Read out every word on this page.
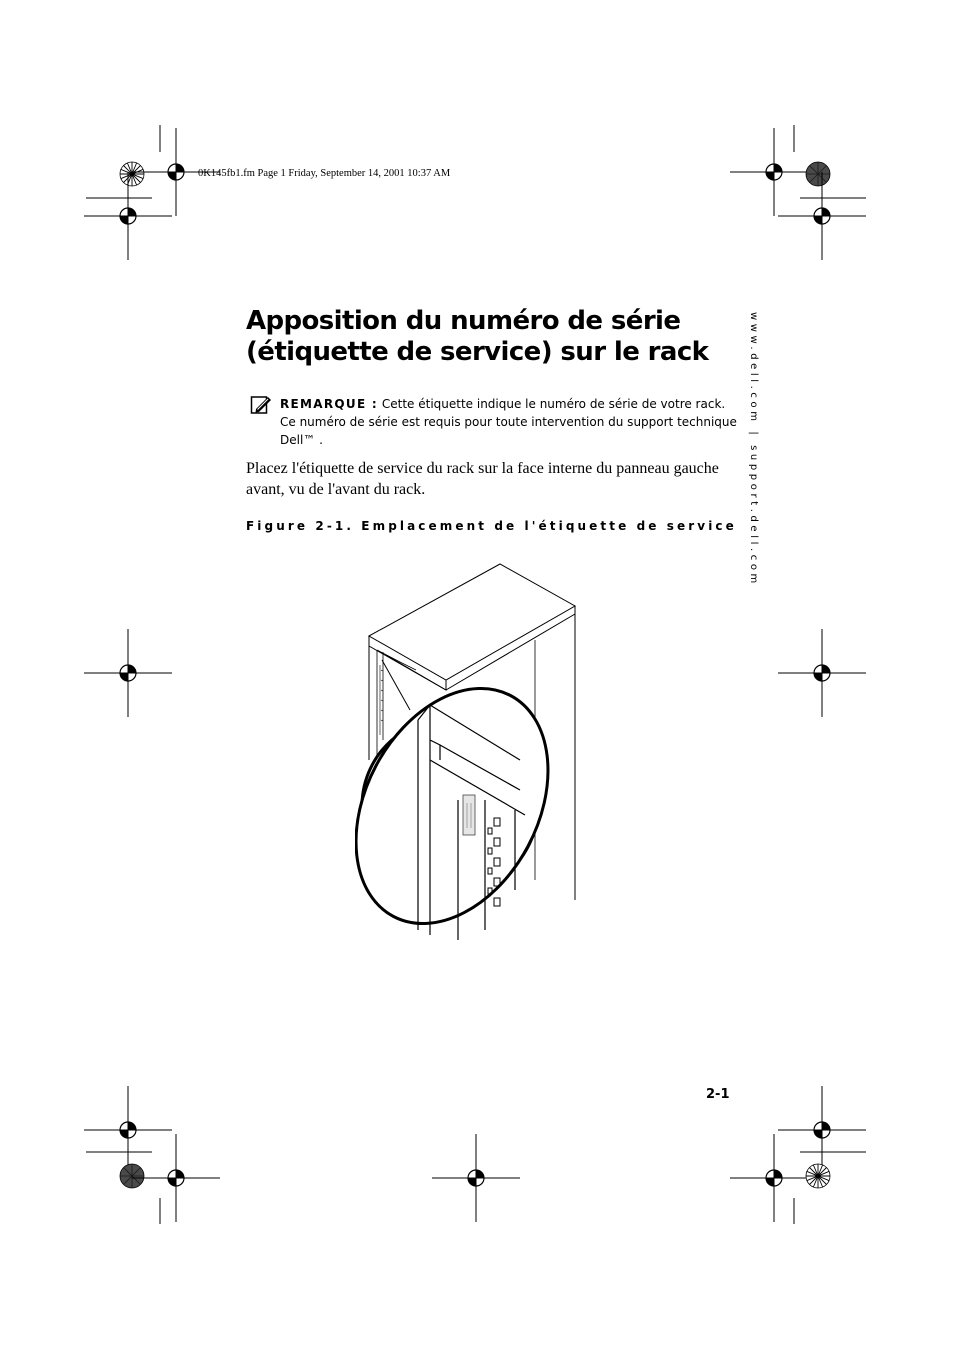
0K145fb1.fm Page 1 Friday, September 14, 2001 10:37 AM
Apposition du numéro de série
(étiquette de service) sur le rack
REMARQUE : Cette étiquette indique le numéro de série de votre rack. Ce numéro de série est requis pour toute intervention du support technique Dell™ .
Placez l'étiquette de service du rack sur la face interne du panneau gauche avant, vu de l'avant du rack.
Figure 2-1. Emplacement de l'étiquette de service www.dell.com | support.dell.com
2-1
